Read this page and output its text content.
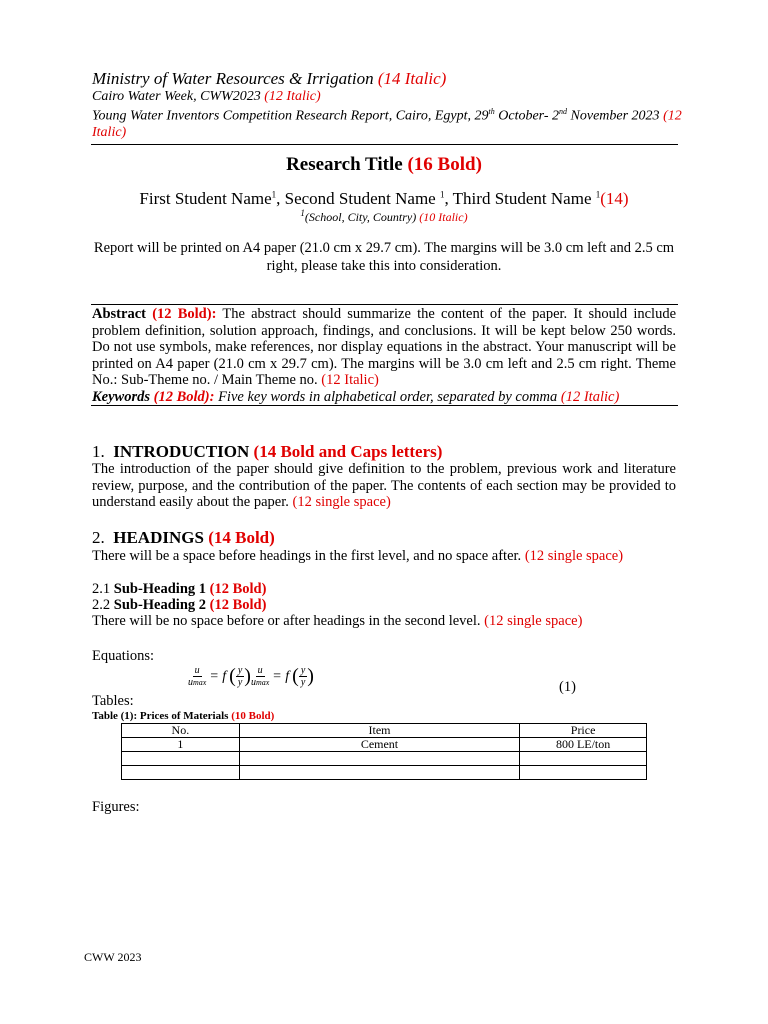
Ministry of Water Resources & Irrigation (14 Italic)
Cairo Water Week, CWW2023 (12 Italic)
Young Water Inventors Competition Research Report, Cairo, Egypt, 29th October- 2nd November 2023 (12 Italic)
Research Title (16 Bold)
First Student Name$^1$, Second Student Name $^1$, Third Student Name $^1$(14)
$^1$(School, City, Country) (10 Italic)
Report will be printed on A4 paper (21.0 cm x 29.7 cm). The margins will be 3.0 cm left and 2.5 cm right, please take this into consideration.
Abstract (12 Bold): The abstract should summarize the content of the paper. It should include problem definition, solution approach, findings, and conclusions. It will be kept below 250 words. Do not use symbols, make references, nor display equations in the abstract. Your manuscript will be printed on A4 paper (21.0 cm x 29.7 cm). The margins will be 3.0 cm left and 2.5 cm right. Theme No.: Sub-Theme no. / Main Theme no. (12 Italic)
Keywords (12 Bold): Five key words in alphabetical order, separated by comma (12 Italic)
1. INTRODUCTION (14 Bold and Caps letters)
The introduction of the paper should give definition to the problem, previous work and literature review, purpose, and the contribution of the paper. The contents of each section may be provided to understand easily about the paper. (12 single space)
2. HEADINGS (14 Bold)
There will be a space before headings in the first level, and no space after. (12 single space)
2.1 Sub-Heading 1 (12 Bold)
2.2 Sub-Heading 2 (12 Bold)
There will be no space before or after headings in the second level. (12 single space)
Equations:
$\frac{u}{umax} = f$ ( $\frac{y}{y}$ ) $\frac{u}{umax} = f$ ( $\frac{y}{y}$ )	(1)
Tables:
Table (1): Prices of Materials (10 Bold)
No.	Item	Price
1	Cement	800 LE/ton

Figures:
CWW 2023
